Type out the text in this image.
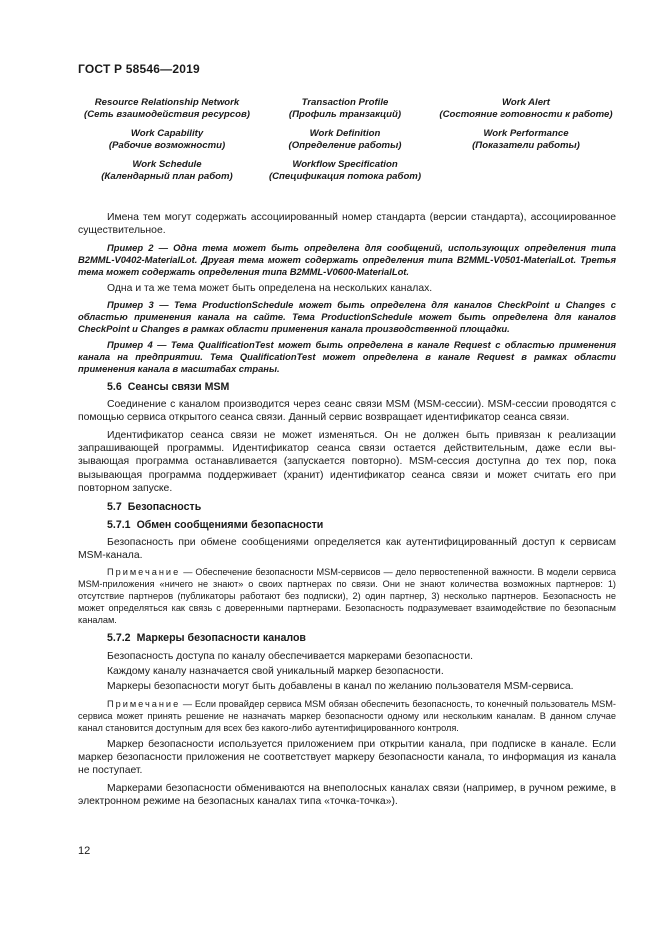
ГОСТ Р 58546—2019
Resource Relationship Network
(Сеть взаимодействия ресурсов)
Transaction Profile
(Профиль транзакций)
Work Alert
(Состояние готовности к работе)
Work Capability
(Рабочие возможности)
Work Definition
(Определение работы)
Work Performance
(Показатели работы)
Work Schedule
(Календарный план работ)
Workflow Specification
(Спецификация потока работ)

Имена тем могут содержать ассоциированный номер стандарта (версии стандарта), ассоциированное существительное.

Пример 2 — Одна тема может быть определена для сообщений, использующих определения типа B2MML-V0402-MaterialLot. Другая тема может содержать определения типа B2MML-V0501-MaterialLot. Третья тема может содержать определения типа B2MML-V0600-MaterialLot.

Одна и та же тема может быть определена на нескольких каналах.

Пример 3 — Тема ProductionSchedule может быть определена для каналов CheckPoint и Changes с областью применения канала на сайте. Тема ProductionSchedule может быть определена для каналов CheckPoint и Changes в рамках области применения канала производственной площадки.

Пример 4 — Тема QualificationTest может быть определена в канале Request с областью применения канала на предприятии. Тема QualificationTest может определена в канале Request в рамках области применения канала в масштабах страны.

5.6 Сеансы связи MSM

Соединение с каналом производится через сеанс связи MSM (MSM-сессии). MSM-сессии проводятся с помощью сервиса открытого сеанса связи. Данный сервис возвращает идентификатор сеанса связи.

Идентификатор сеанса связи не может изменяться. Он не должен быть привязан к реализации запрашивающей программы. Идентификатор сеанса связи остается действительным, даже если вызывающая программа останавливается (запускается повторно). MSM-сессия доступна до тех пор, пока вызывающая программа поддерживает (хранит) идентификатор сеанса связи и может считать его при повторном запуске.

5.7 Безопасность
5.7.1 Обмен сообщениями безопасности

Безопасность при обмене сообщениями определяется как аутентифицированный доступ к сервисам MSM-канала.

Примечание — Обеспечение безопасности MSM-сервисов — дело первостепенной важности. В модели сервиса MSM-приложения «ничего не знают» о своих партнерах по связи. Они не знают количества возможных партнеров: 1) отсутствие партнеров (публикаторы работают без подписки), 2) один партнер, 3) несколько партнеров. Безопасность не может определяться как связь с доверенными партнерами. Безопасность подразумевает взаимодействие по безопасным каналам.

5.7.2 Маркеры безопасности каналов

Безопасность доступа по каналу обеспечивается маркерами безопасности.

Каждому каналу назначается свой уникальный маркер безопасности.

Маркеры безопасности могут быть добавлены в канал по желанию пользователя MSM-сервиса.

Примечание — Если провайдер сервиса MSM обязан обеспечить безопасность, то конечный пользователь MSM-сервиса может принять решение не назначать маркер безопасности одному или нескольким каналам. В данном случае канал становится доступным для всех без какого-либо аутентифицированного контроля.

Маркер безопасности используется приложением при открытии канала, при подписке в канале. Если маркер безопасности приложения не соответствует маркеру безопасности канала, то информация из канала не поступает.

Маркерами безопасности обмениваются на внеполосных каналах связи (например, в ручном режиме, в электронном режиме на безопасных каналах типа «точка-точка»).

12
